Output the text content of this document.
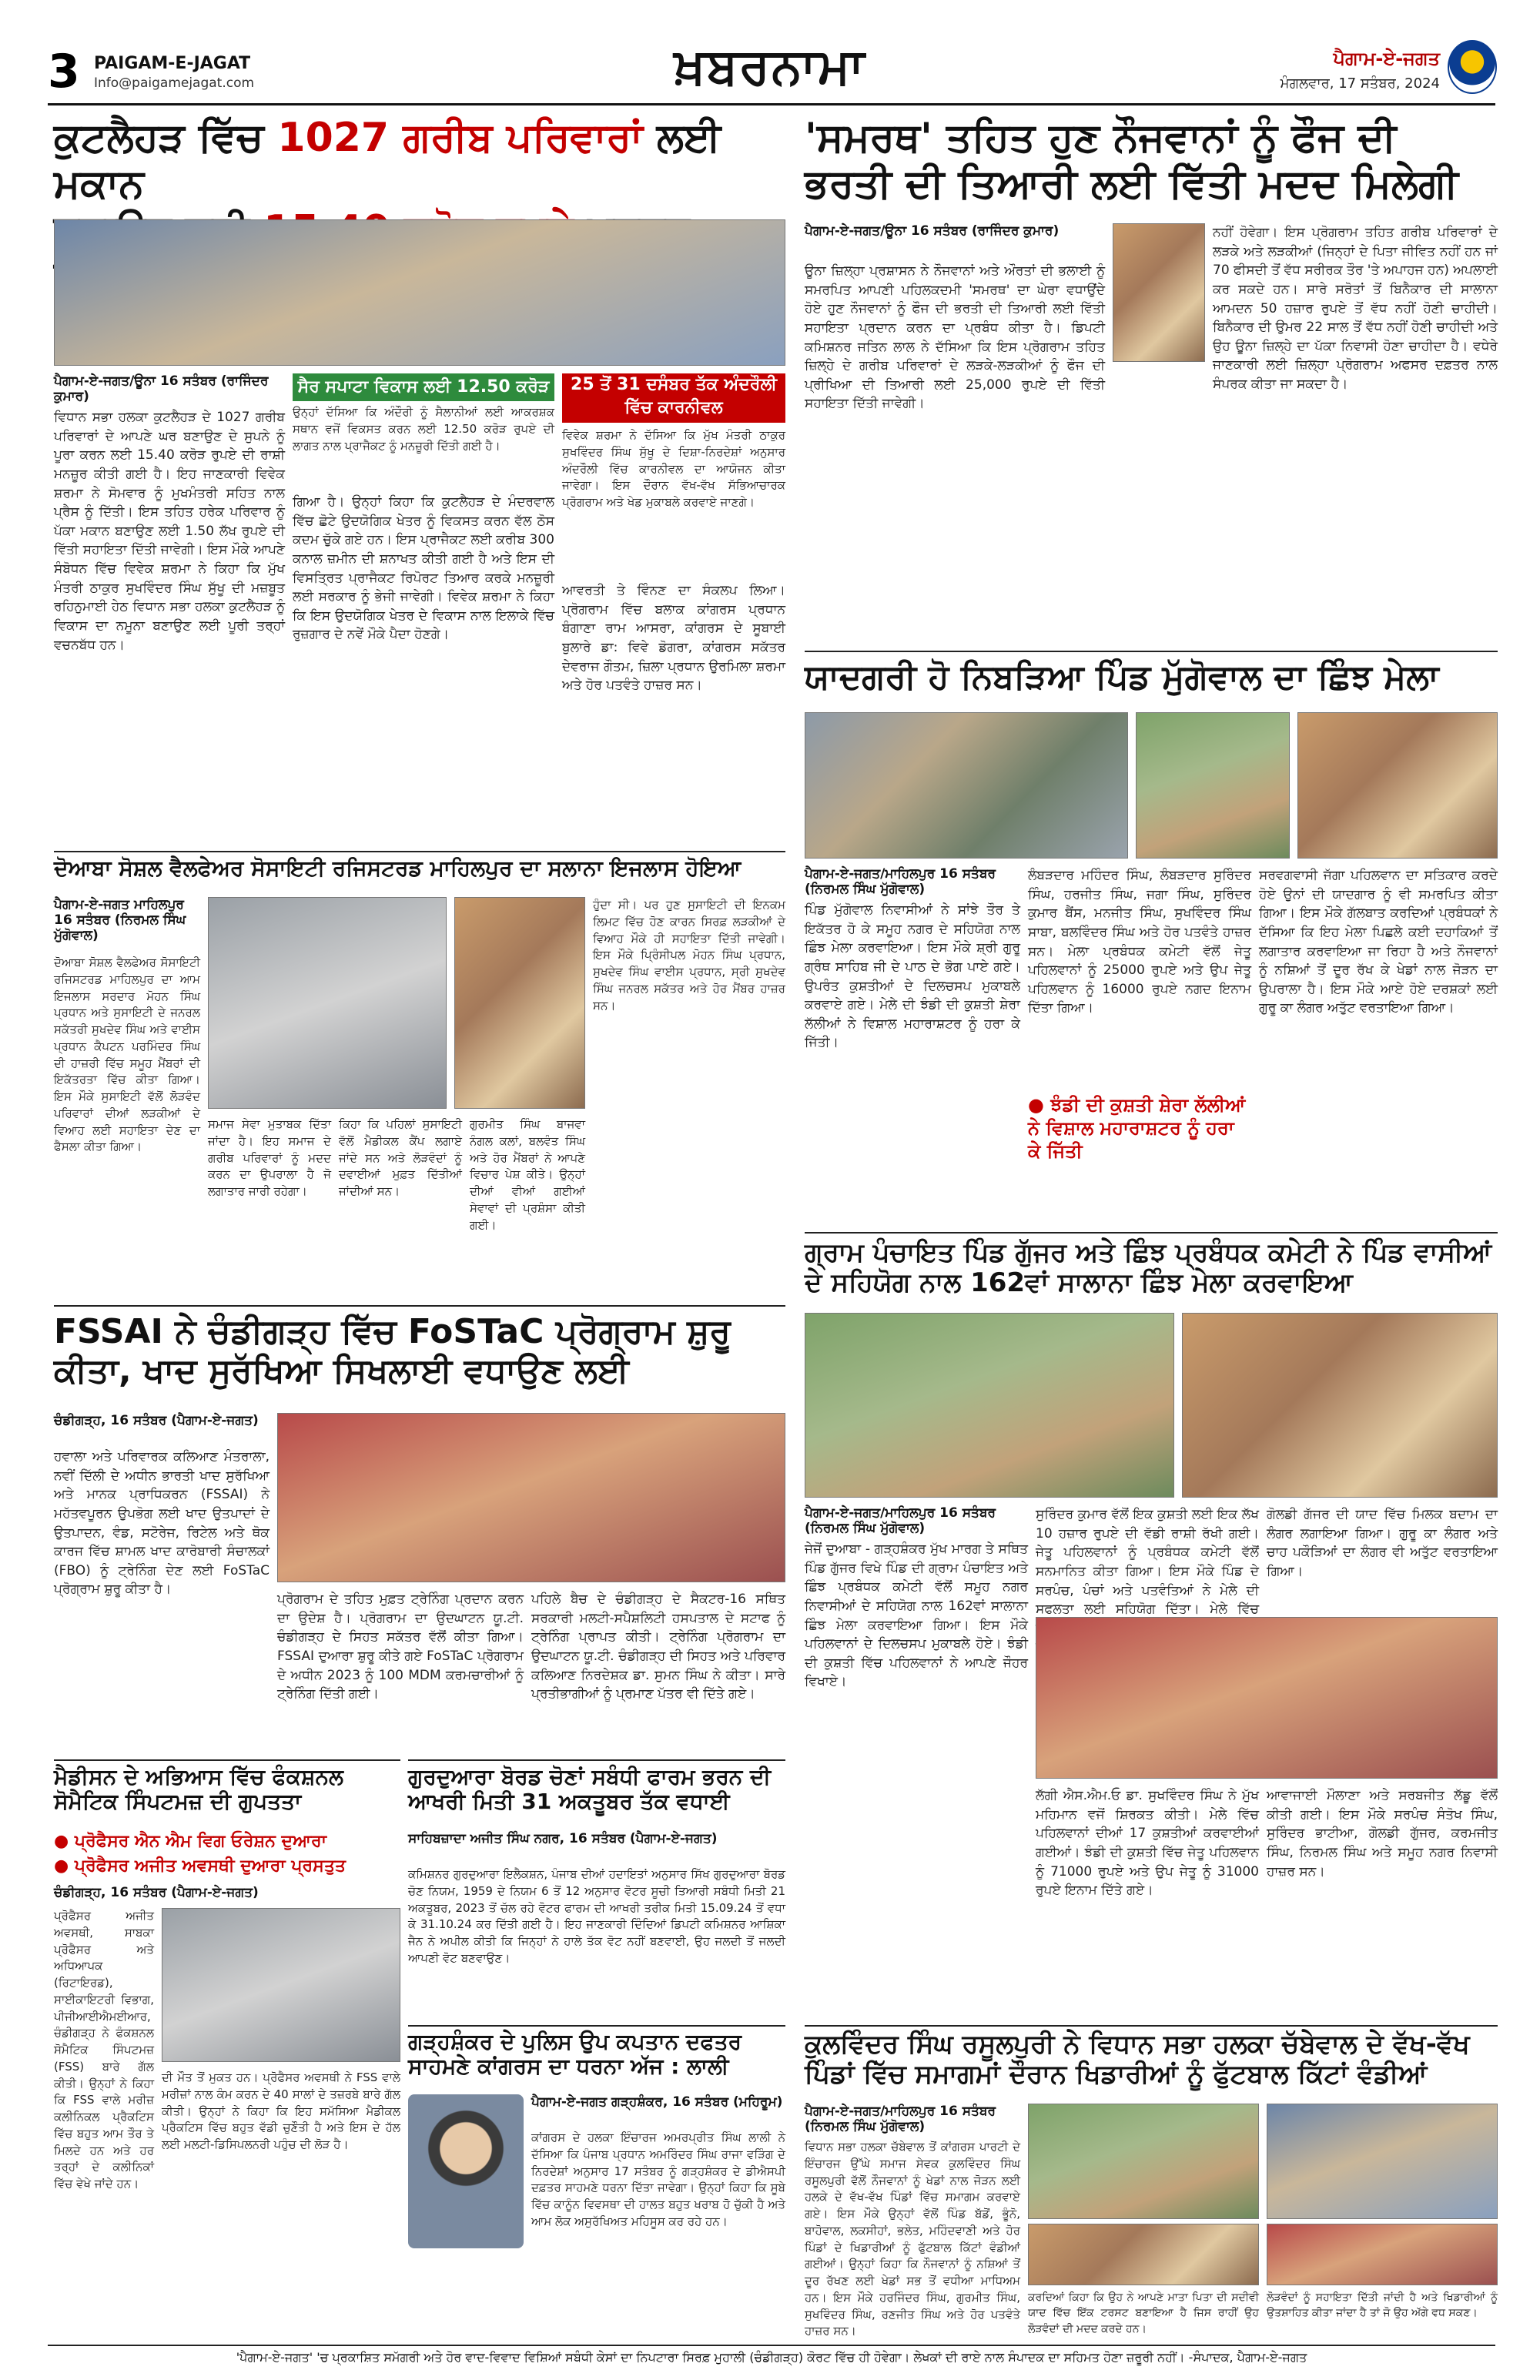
3 PAIGAM-E-JAGAT
Info@paigamejagat.com	ਖ਼ਬਰਨਾਮਾ	ਪੈਗਾਮ-ਏ-ਜਗਤ
ਮੰਗਲਵਾਰ, 17 ਸਤੰਬਰ, 2024
ਕੁਟਲੈਹੜ ਵਿੱਚ 1027 ਗਰੀਬ ਪਰਿਵਾਰਾਂ ਲਈ ਮਕਾਨ

ਪੈਗਾਮ-ਏ-ਜਗਤ/ਊਨਾ 16 ਸਤੰਬਰ (ਰਾਜਿੰਦਰ ਕੁਮਾਰ)
ਵਿਧਾਨ ਸਭਾ ਹਲਕਾ ਕੁਟਲੈਹੜ ਦੇ 1027 ਗਰੀਬ ਪਰਿਵਾਰਾਂ ਦੇ ਆਪਣੇ ਘਰ ਬਣਾਉਣ ਦੇ ਸੁਪਨੇ ਨੂੰ ਪੂਰਾ ਕਰਨ ਲਈ 15.40 ਕਰੋੜ ਰੁਪਏ ਦੀ ਰਾਸ਼ੀ ਮਨਜ਼ੂਰ ਕੀਤੀ ਗਈ ਹੈ। ਇਹ ਜਾਣਕਾਰੀ ਵਿਵੇਕ ਸ਼ਰਮਾ ਨੇ ਸੋਮਵਾਰ ਨੂੰ ਮੁਖਮੰਤਰੀ ਸਹਿਤ ਨਾਲ ਪ੍ਰੈਸ ਨੂੰ ਦਿੱਤੀ। ਇਸ ਤਹਿਤ ਹਰੇਕ ਪਰਿਵਾਰ ਨੂੰ ਪੱਕਾ ਮਕਾਨ ਬਣਾਉਣ ਲਈ 1.50 ਲੱਖ ਰੁਪਏ ਦੀ ਵਿੱਤੀ ਸਹਾਇਤਾ ਦਿੱਤੀ ਜਾਵੇਗੀ। ਇਸ ਮੌਕੇ ਆਪਣੇ ਸੰਬੋਧਨ ਵਿੱਚ ਵਿਵੇਕ ਸ਼ਰਮਾ ਨੇ ਕਿਹਾ ਕਿ ਮੁੱਖ ਮੰਤਰੀ ਠਾਕੁਰ ਸੁਖਵਿੰਦਰ ਸਿੰਘ ਸੁੱਖੂ ਦੀ ਮਜ਼ਬੂਤ ਰਹਿਨੁਮਾਈ ਹੇਠ ਵਿਧਾਨ ਸਭਾ ਹਲਕਾ ਕੁਟਲੈਹੜ ਨੂੰ ਵਿਕਾਸ ਦਾ ਨਮੂਨਾ ਬਣਾਉਣ ਲਈ ਪੂਰੀ ਤਰ੍ਹਾਂ ਵਚਨਬੱਧ ਹਨ।
ਸੈਰ ਸਪਾਟਾ ਵਿਕਾਸ ਲਈ 12.50 ਕਰੋੜ
ਉਨ੍ਹਾਂ ਦੱਸਿਆ ਕਿ ਅੰਦੌਰੀ ਨੂੰ ਸੈਲਾਨੀਆਂ ਲਈ ਆਕਰਸ਼ਕ ਸਥਾਨ ਵਜੋਂ ਵਿਕਸਤ ਕਰਨ ਲਈ 12.50 ਕਰੋੜ ਰੁਪਏ ਦੀ ਲਾਗਤ ਨਾਲ ਪ੍ਰਾਜੈਕਟ ਨੂੰ ਮਨਜ਼ੂਰੀ ਦਿੱਤੀ ਗਈ ਹੈ।
25 ਤੋਂ 31 ਦਸੰਬਰ ਤੱਕ ਅੰਦਰੌਲੀ ਵਿੱਚ ਕਾਰਨੀਵਲ
ਵਿਵੇਕ ਸ਼ਰਮਾ ਨੇ ਦੱਸਿਆ ਕਿ ਮੁੱਖ ਮੰਤਰੀ ਠਾਕੁਰ ਸੁਖਵਿੰਦਰ ਸਿੰਘ ਸੁੱਖੂ ਦੇ ਦਿਸ਼ਾ-ਨਿਰਦੇਸ਼ਾਂ ਅਨੁਸਾਰ ਅੰਦਰੌਲੀ ਵਿੱਚ ਕਾਰਨੀਵਲ ਦਾ ਆਯੋਜਨ ਕੀਤਾ ਜਾਵੇਗਾ। ਇਸ ਦੌਰਾਨ ਵੱਖ-ਵੱਖ ਸੱਭਿਆਚਾਰਕ ਪ੍ਰੋਗਰਾਮ ਅਤੇ ਖੇਡ ਮੁਕਾਬਲੇ ਕਰਵਾਏ ਜਾਣਗੇ।
ਗਿਆ ਹੈ। ਉਨ੍ਹਾਂ ਕਿਹਾ ਕਿ ਕੁਟਲੈਹੜ ਦੇ ਮੰਦਰਵਾਲ ਵਿੱਚ ਛੋਟੇ ਉਦਯੋਗਿਕ ਖੇਤਰ ਨੂੰ ਵਿਕਸਤ ਕਰਨ ਵੱਲ ਠੋਸ ਕਦਮ ਚੁੱਕੇ ਗਏ ਹਨ। ਇਸ ਪ੍ਰਾਜੈਕਟ ਲਈ ਕਰੀਬ 300 ਕਨਾਲ ਜ਼ਮੀਨ ਦੀ ਸ਼ਨਾਖਤ ਕੀਤੀ ਗਈ ਹੈ ਅਤੇ ਇਸ ਦੀ ਵਿਸਤ੍ਰਿਤ ਪ੍ਰਾਜੈਕਟ ਰਿਪੋਰਟ ਤਿਆਰ ਕਰਕੇ ਮਨਜ਼ੂਰੀ ਲਈ ਸਰਕਾਰ ਨੂੰ ਭੇਜੀ ਜਾਵੇਗੀ। ਵਿਵੇਕ ਸ਼ਰਮਾ ਨੇ ਕਿਹਾ ਕਿ ਇਸ ਉਦਯੋਗਿਕ ਖੇਤਰ ਦੇ ਵਿਕਾਸ ਨਾਲ ਇਲਾਕੇ ਵਿੱਚ ਰੁਜ਼ਗਾਰ ਦੇ ਨਵੇਂ ਮੌਕੇ ਪੈਦਾ ਹੋਣਗੇ।
ਆਵਰਤੀ ਤੇ ਵਿੰਨਣ ਦਾ ਸੰਕਲਪ ਲਿਆ। ਪ੍ਰੋਗਰਾਮ ਵਿੱਚ ਬਲਾਕ ਕਾਂਗਰਸ ਪ੍ਰਧਾਨ ਬੰਗਾਣਾ ਰਾਮ ਆਸਰਾ, ਕਾਂਗਰਸ ਦੇ ਸੂਬਾਈ ਬੁਲਾਰੇ ਡਾ: ਵਿਵੇ ਡੋਗਰਾ, ਕਾਂਗਰਸ ਸਕੱਤਰ ਦੇਵਰਾਜ ਗੌਤਮ, ਜ਼ਿਲਾ ਪ੍ਰਧਾਨ ਉਰਮਿਲਾ ਸ਼ਰਮਾ ਅਤੇ ਹੋਰ ਪਤਵੰਤੇ ਹਾਜ਼ਰ ਸਨ।
'ਸਮਰਥ' ਤਹਿਤ ਹੁਣ ਨੌਜਵਾਨਾਂ ਨੂੰ ਫੌਜ ਦੀ
ਭਰਤੀ ਦੀ ਤਿਆਰੀ ਲਈ ਵਿੱਤੀ ਮਦਦ ਮਿਲੇਗੀ
ਪੈਗਾਮ-ਏ-ਜਗਤ/ਊਨਾ 16 ਸਤੰਬਰ (ਰਾਜਿੰਦਰ ਕੁਮਾਰ)
ਊਨਾ ਜ਼ਿਲ੍ਹਾ ਪ੍ਰਸ਼ਾਸਨ ਨੇ ਨੌਜਵਾਨਾਂ ਅਤੇ ਔਰਤਾਂ ਦੀ ਭਲਾਈ ਨੂੰ ਸਮਰਪਿਤ ਆਪਣੀ ਪਹਿਲਕਦਮੀ 'ਸਮਰਥ' ਦਾ ਘੇਰਾ ਵਧਾਉਂਦੇ ਹੋਏ ਹੁਣ ਨੌਜਵਾਨਾਂ ਨੂੰ ਫੌਜ ਦੀ ਭਰਤੀ ਦੀ ਤਿਆਰੀ ਲਈ ਵਿੱਤੀ ਸਹਾਇਤਾ ਪ੍ਰਦਾਨ ਕਰਨ ਦਾ ਪ੍ਰਬੰਧ ਕੀਤਾ ਹੈ। ਡਿਪਟੀ ਕਮਿਸ਼ਨਰ ਜਤਿਨ ਲਾਲ ਨੇ ਦੱਸਿਆ ਕਿ ਇਸ ਪ੍ਰੋਗਰਾਮ ਤਹਿਤ ਜ਼ਿਲ੍ਹੇ ਦੇ ਗਰੀਬ ਪਰਿਵਾਰਾਂ ਦੇ ਲੜਕੇ-ਲੜਕੀਆਂ ਨੂੰ ਫੌਜ ਦੀ ਪ੍ਰੀਖਿਆ ਦੀ ਤਿਆਰੀ ਲਈ 25,000 ਰੁਪਏ ਦੀ ਵਿੱਤੀ ਸਹਾਇਤਾ ਦਿੱਤੀ ਜਾਵੇਗੀ।
ਨਹੀਂ ਹੋਵੇਗਾ। ਇਸ ਪ੍ਰੋਗਰਾਮ ਤਹਿਤ ਗਰੀਬ ਪਰਿਵਾਰਾਂ ਦੇ ਲੜਕੇ ਅਤੇ ਲੜਕੀਆਂ (ਜਿਨ੍ਹਾਂ ਦੇ ਪਿਤਾ ਜੀਵਿਤ ਨਹੀਂ ਹਨ ਜਾਂ 70 ਫੀਸਦੀ ਤੋਂ ਵੱਧ ਸਰੀਰਕ ਤੌਰ 'ਤੇ ਅਪਾਹਜ ਹਨ) ਅਪਲਾਈ ਕਰ ਸਕਦੇ ਹਨ। ਸਾਰੇ ਸਰੋਤਾਂ ਤੋਂ ਬਿਨੈਕਾਰ ਦੀ ਸਾਲਾਨਾ ਆਮਦਨ 50 ਹਜ਼ਾਰ ਰੁਪਏ ਤੋਂ ਵੱਧ ਨਹੀਂ ਹੋਣੀ ਚਾਹੀਦੀ। ਬਿਨੈਕਾਰ ਦੀ ਉਮਰ 22 ਸਾਲ ਤੋਂ ਵੱਧ ਨਹੀਂ ਹੋਣੀ ਚਾਹੀਦੀ ਅਤੇ ਉਹ ਊਨਾ ਜ਼ਿਲ੍ਹੇ ਦਾ ਪੱਕਾ ਨਿਵਾਸੀ ਹੋਣਾ ਚਾਹੀਦਾ ਹੈ। ਵਧੇਰੇ ਜਾਣਕਾਰੀ ਲਈ ਜ਼ਿਲ੍ਹਾ ਪ੍ਰੋਗਰਾਮ ਅਫਸਰ ਦਫ਼ਤਰ ਨਾਲ ਸੰਪਰਕ ਕੀਤਾ ਜਾ ਸਕਦਾ ਹੈ।
ਯਾਦਗਰੀ ਹੋ ਨਿਬੜਿਆ ਪਿੰਡ ਮੁੱਗੋਵਾਲ ਦਾ ਛਿੰਝ ਮੇਲਾ
ਪੈਗਾਮ-ਏ-ਜਗਤ/ਮਾਹਿਲਪੁਰ 16 ਸਤੰਬਰ (ਨਿਰਮਲ ਸਿੰਘ ਮੁੱਗੋਵਾਲ)
ਪਿੰਡ ਮੁੱਗੋਵਾਲ ਨਿਵਾਸੀਆਂ ਨੇ ਸਾਂਝੇ ਤੌਰ ਤੇ ਇਕੱਤਰ ਹੋ ਕੇ ਸਮੂਹ ਨਗਰ ਦੇ ਸਹਿਯੋਗ ਨਾਲ ਛਿੰਝ ਮੇਲਾ ਕਰਵਾਇਆ। ਇਸ ਮੌਕੇ ਸ਼੍ਰੀ ਗੁਰੂ ਗ੍ਰੰਥ ਸਾਹਿਬ ਜੀ ਦੇ ਪਾਠ ਦੇ ਭੋਗ ਪਾਏ ਗਏ। ਉਪਰੰਤ ਕੁਸ਼ਤੀਆਂ ਦੇ ਦਿਲਚਸਪ ਮੁਕਾਬਲੇ ਕਰਵਾਏ ਗਏ। ਮੇਲੇ ਦੀ ਝੰਡੀ ਦੀ ਕੁਸ਼ਤੀ ਸ਼ੇਰਾ ਲੱਲੀਆਂ ਨੇ ਵਿਸ਼ਾਲ ਮਹਾਰਾਸ਼ਟਰ ਨੂੰ ਹਰਾ ਕੇ ਜਿੱਤੀ।
ਲੰਬੜਦਾਰ ਮਹਿੰਦਰ ਸਿੰਘ, ਲੰਬੜਦਾਰ ਸੁਰਿੰਦਰ ਸਿੰਘ, ਹਰਜੀਤ ਸਿੰਘ, ਜਗਾ ਸਿੰਘ, ਸੁਰਿੰਦਰ ਕੁਮਾਰ ਬੈਂਸ, ਮਨਜੀਤ ਸਿੰਘ, ਸੁਖਵਿੰਦਰ ਸਿੰਘ ਸਾਬਾ, ਬਲਵਿੰਦਰ ਸਿੰਘ ਅਤੇ ਹੋਰ ਪਤਵੰਤੇ ਹਾਜ਼ਰ ਸਨ। ਮੇਲਾ ਪ੍ਰਬੰਧਕ ਕਮੇਟੀ ਵੱਲੋਂ ਜੇਤੂ ਪਹਿਲਵਾਨਾਂ ਨੂੰ 25000 ਰੁਪਏ ਅਤੇ ਉਪ ਜੇਤੂ ਪਹਿਲਵਾਨ ਨੂੰ 16000 ਰੁਪਏ ਨਗਦ ਇਨਾਮ ਦਿੱਤਾ ਗਿਆ।
ਸਰਵਗਵਾਸੀ ਜੱਗਾ ਪਹਿਲਵਾਨ ਦਾ ਸਤਿਕਾਰ ਕਰਦੇ ਹੋਏ ਉਨਾਂ ਦੀ ਯਾਦਗਾਰ ਨੂੰ ਵੀ ਸਮਰਪਿਤ ਕੀਤਾ ਗਿਆ। ਇਸ ਮੌਕੇ ਗੱਲਬਾਤ ਕਰਦਿਆਂ ਪ੍ਰਬੰਧਕਾਂ ਨੇ ਦੱਸਿਆ ਕਿ ਇਹ ਮੇਲਾ ਪਿਛਲੇ ਕਈ ਦਹਾਕਿਆਂ ਤੋਂ ਲਗਾਤਾਰ ਕਰਵਾਇਆ ਜਾ ਰਿਹਾ ਹੈ ਅਤੇ ਨੌਜਵਾਨਾਂ ਨੂੰ ਨਸ਼ਿਆਂ ਤੋਂ ਦੂਰ ਰੱਖ ਕੇ ਖੇਡਾਂ ਨਾਲ ਜੋੜਨ ਦਾ ਉਪਰਾਲਾ ਹੈ। ਇਸ ਮੌਕੇ ਆਏ ਹੋਏ ਦਰਸ਼ਕਾਂ ਲਈ ਗੁਰੂ ਕਾ ਲੰਗਰ ਅਤੁੱਟ ਵਰਤਾਇਆ ਗਿਆ।
● ਝੰਡੀ ਦੀ ਕੁਸ਼ਤੀ ਸ਼ੇਰਾ ਲੱਲੀਆਂ ਨੇ ਵਿਸ਼ਾਲ ਮਹਾਰਾਸ਼ਟਰ ਨੂੰ ਹਰਾ ਕੇ ਜਿੱਤੀ
ਦੋਆਬਾ ਸੋਸ਼ਲ ਵੈਲਫੇਅਰ ਸੋਸਾਇਟੀ ਰਜਿਸਟਰਡ ਮਾਹਿਲਪੁਰ ਦਾ ਸਲਾਨਾ ਇਜਲਾਸ ਹੋਇਆ
ਪੈਗਾਮ-ਏ-ਜਗਤ ਮਾਹਿਲਪੁਰ 16 ਸਤੰਬਰ (ਨਿਰਮਲ ਸਿੰਘ ਮੁੱਗੋਵਾਲ)
ਦੋਆਬਾ ਸੋਸ਼ਲ ਵੈਲਫੇਅਰ ਸੋਸਾਇਟੀ ਰਜਿਸਟਰਡ ਮਾਹਿਲਪੁਰ ਦਾ ਆਮ ਇਜਲਾਸ ਸਰਦਾਰ ਮੋਹਨ ਸਿੰਘ ਪ੍ਰਧਾਨ ਅਤੇ ਸੁਸਾਇਟੀ ਦੇ ਜਨਰਲ ਸਕੱਤਰੀ ਸੁਖਦੇਵ ਸਿੰਘ ਅਤੇ ਵਾਈਸ ਪ੍ਰਧਾਨ ਕੈਪਟਨ ਪਰਮਿੰਦਰ ਸਿੰਘ ਦੀ ਹਾਜ਼ਰੀ ਵਿੱਚ ਸਮੂਹ ਮੈਂਬਰਾਂ ਦੀ ਇਕੱਤਰਤਾ ਵਿੱਚ ਕੀਤਾ ਗਿਆ। ਇਸ ਮੌਕੇ ਸੁਸਾਇਟੀ ਵੱਲੋਂ ਲੋੜਵੰਦ ਪਰਿਵਾਰਾਂ ਦੀਆਂ ਲੜਕੀਆਂ ਦੇ ਵਿਆਹ ਲਈ ਸਹਾਇਤਾ ਦੇਣ ਦਾ ਫੈਸਲਾ ਕੀਤਾ ਗਿਆ।
ਹੁੰਦਾ ਸੀ। ਪਰ ਹੁਣ ਸੁਸਾਇਟੀ ਦੀ ਇਨਕਮ ਲਿਮਟ ਵਿੱਚ ਹੋਣ ਕਾਰਨ ਸਿਰਫ਼ ਲੜਕੀਆਂ ਦੇ ਵਿਆਹ ਮੌਕੇ ਹੀ ਸਹਾਇਤਾ ਦਿੱਤੀ ਜਾਵੇਗੀ। ਇਸ ਮੌਕੇ ਪ੍ਰਿੰਸੀਪਲ ਮੋਹਨ ਸਿੰਘ ਪ੍ਰਧਾਨ, ਸੁਖਦੇਵ ਸਿੰਘ ਵਾਈਸ ਪ੍ਰਧਾਨ, ਸ੍ਰੀ ਸੁਖਦੇਵ ਸਿੰਘ ਜਨਰਲ ਸਕੱਤਰ ਅਤੇ ਹੋਰ ਮੈਂਬਰ ਹਾਜ਼ਰ ਸਨ।
ਸਮਾਜ ਸੇਵਾ ਮੁਤਾਬਕ ਦਿੱਤਾ ਜਾਂਦਾ ਹੈ। ਇਹ ਸਮਾਜ ਦੇ ਗਰੀਬ ਪਰਿਵਾਰਾਂ ਨੂੰ ਮਦਦ ਕਰਨ ਦਾ ਉਪਰਾਲਾ ਹੈ ਜੋ ਲਗਾਤਾਰ ਜਾਰੀ ਰਹੇਗਾ।
ਕਿਹਾ ਕਿ ਪਹਿਲਾਂ ਸੁਸਾਇਟੀ ਵੱਲੋਂ ਮੈਡੀਕਲ ਕੈਂਪ ਲਗਾਏ ਜਾਂਦੇ ਸਨ ਅਤੇ ਲੋੜਵੰਦਾਂ ਨੂੰ ਦਵਾਈਆਂ ਮੁਫ਼ਤ ਦਿੱਤੀਆਂ ਜਾਂਦੀਆਂ ਸਨ।
ਗੁਰਮੀਤ ਸਿੰਘ ਬਾਜਵਾ ਨੰਗਲ ਕਲਾਂ, ਬਲਵੰਤ ਸਿੰਘ ਅਤੇ ਹੋਰ ਮੈਂਬਰਾਂ ਨੇ ਆਪਣੇ ਵਿਚਾਰ ਪੇਸ਼ ਕੀਤੇ। ਉਨ੍ਹਾਂ ਦੀਆਂ ਵੀਆਂ ਗਈਆਂ ਸੇਵਾਵਾਂ ਦੀ ਪ੍ਰਸ਼ੰਸਾ ਕੀਤੀ ਗਈ।
ਗ੍ਰਾਮ ਪੰਚਾਇਤ ਪਿੰਡ ਗੁੱਜਰ ਅਤੇ ਛਿੰਝ ਪ੍ਰਬੰਧਕ ਕਮੇਟੀ ਨੇ ਪਿੰਡ ਵਾਸੀਆਂ ਦੇ ਸਹਿਯੋਗ ਨਾਲ 162ਵਾਂ ਸਾਲਾਨਾ ਛਿੰਝ ਮੇਲਾ ਕਰਵਾਇਆ
ਪੈਗਾਮ-ਏ-ਜਗਤ/ਮਾਹਿਲਪੁਰ 16 ਸਤੰਬਰ (ਨਿਰਮਲ ਸਿੰਘ ਮੁੱਗੋਵਾਲ)
ਜੇਜੋਂ ਦੁਆਬਾ - ਗੜ੍ਹਸ਼ੰਕਰ ਮੁੱਖ ਮਾਰਗ ਤੇ ਸਥਿਤ ਪਿੰਡ ਗੁੱਜਰ ਵਿਖੇ ਪਿੰਡ ਦੀ ਗ੍ਰਾਮ ਪੰਚਾਇਤ ਅਤੇ ਛਿੰਝ ਪ੍ਰਬੰਧਕ ਕਮੇਟੀ ਵੱਲੋਂ ਸਮੂਹ ਨਗਰ ਨਿਵਾਸੀਆਂ ਦੇ ਸਹਿਯੋਗ ਨਾਲ 162ਵਾਂ ਸਾਲਾਨਾ ਛਿੰਝ ਮੇਲਾ ਕਰਵਾਇਆ ਗਿਆ। ਇਸ ਮੌਕੇ ਪਹਿਲਵਾਨਾਂ ਦੇ ਦਿਲਚਸਪ ਮੁਕਾਬਲੇ ਹੋਏ। ਝੰਡੀ ਦੀ ਕੁਸ਼ਤੀ ਵਿੱਚ ਪਹਿਲਵਾਨਾਂ ਨੇ ਆਪਣੇ ਜੌਹਰ ਵਿਖਾਏ।
ਸੁਰਿੰਦਰ ਕੁਮਾਰ ਵੱਲੋਂ ਇਕ ਕੁਸ਼ਤੀ ਲਈ ਇਕ ਲੱਖ 10 ਹਜ਼ਾਰ ਰੁਪਏ ਦੀ ਵੱਡੀ ਰਾਸ਼ੀ ਰੱਖੀ ਗਈ। ਜੇਤੂ ਪਹਿਲਵਾਨਾਂ ਨੂੰ ਪ੍ਰਬੰਧਕ ਕਮੇਟੀ ਵੱਲੋਂ ਸਨਮਾਨਿਤ ਕੀਤਾ ਗਿਆ। ਇਸ ਮੌਕੇ ਪਿੰਡ ਦੇ ਸਰਪੰਚ, ਪੰਚਾਂ ਅਤੇ ਪਤਵੰਤਿਆਂ ਨੇ ਮੇਲੇ ਦੀ ਸਫਲਤਾ ਲਈ ਸਹਿਯੋਗ ਦਿੱਤਾ। ਮੇਲੇ ਵਿੱਚ
ਗੋਲਡੀ ਗੱਜਰ ਦੀ ਯਾਦ ਵਿੱਚ ਮਿਲਕ ਬਦਾਮ ਦਾ ਲੰਗਰ ਲਗਾਇਆ ਗਿਆ। ਗੁਰੂ ਕਾ ਲੰਗਰ ਅਤੇ ਚਾਹ ਪਕੌੜਿਆਂ ਦਾ ਲੰਗਰ ਵੀ ਅਤੁੱਟ ਵਰਤਾਇਆ ਗਿਆ।
ਲੱਗੀ ਐਸ.ਐਮ.ਓ ਡਾ. ਸੁਖਵਿੰਦਰ ਸਿੰਘ ਨੇ ਮੁੱਖ ਮਹਿਮਾਨ ਵਜੋਂ ਸ਼ਿਰਕਤ ਕੀਤੀ। ਮੇਲੇ ਵਿੱਚ ਪਹਿਲਵਾਨਾਂ ਦੀਆਂ 17 ਕੁਸ਼ਤੀਆਂ ਕਰਵਾਈਆਂ ਗਈਆਂ। ਝੰਡੀ ਦੀ ਕੁਸ਼ਤੀ ਵਿੱਚ ਜੇਤੂ ਪਹਿਲਵਾਨ ਨੂੰ 71000 ਰੁਪਏ ਅਤੇ ਉਪ ਜੇਤੂ ਨੂੰ 31000 ਰੁਪਏ ਇਨਾਮ ਦਿੱਤੇ ਗਏ।
ਆਵਾਜਾਈ ਮੌਲਾਣਾ ਅਤੇ ਸਰਬਜੀਤ ਲੱਡੂ ਵੱਲੋਂ ਕੀਤੀ ਗਈ। ਇਸ ਮੌਕੇ ਸਰਪੰਚ ਸੰਤੋਖ ਸਿੰਘ, ਸੁਰਿੰਦਰ ਭਾਟੀਆ, ਗੋਲਡੀ ਗੁੱਜਰ, ਕਰਮਜੀਤ ਸਿੰਘ, ਨਿਰਮਲ ਸਿੰਘ ਅਤੇ ਸਮੂਹ ਨਗਰ ਨਿਵਾਸੀ ਹਾਜ਼ਰ ਸਨ।
FSSAI ਨੇ ਚੰਡੀਗੜ੍ਹ ਵਿੱਚ FoSTaC ਪ੍ਰੋਗ੍ਰਾਮ ਸ਼ੁਰੂ
ਕੀਤਾ, ਖਾਦ ਸੁਰੱਖਿਆ ਸਿਖਲਾਈ ਵਧਾਉਣ ਲਈ
ਚੰਡੀਗੜ੍ਹ, 16 ਸਤੰਬਰ (ਪੈਗਾਮ-ਏ-ਜਗਤ)
ਹਵਾਲਾ ਅਤੇ ਪਰਿਵਾਰਕ ਕਲਿਆਣ ਮੰਤਰਾਲਾ, ਨਵੀਂ ਦਿੱਲੀ ਦੇ ਅਧੀਨ ਭਾਰਤੀ ਖਾਦ ਸੁਰੱਖਿਆ ਅਤੇ ਮਾਨਕ ਪ੍ਰਾਧਿਕਰਨ (FSSAI) ਨੇ ਮਹੱਤਵਪੂਰਨ ਉਪਭੋਗ ਲਈ ਖਾਦ ਉਤਪਾਦਾਂ ਦੇ ਉਤਪਾਦਨ, ਵੰਡ, ਸਟੋਰੇਜ, ਰਿਟੇਲ ਅਤੇ ਥੋਕ ਕਾਰਜ ਵਿੱਚ ਸ਼ਾਮਲ ਖਾਦ ਕਾਰੋਬਾਰੀ ਸੰਚਾਲਕਾਂ (FBO) ਨੂੰ ਟ੍ਰੇਨਿੰਗ ਦੇਣ ਲਈ FoSTaC ਪ੍ਰੋਗ੍ਰਾਮ ਸ਼ੁਰੂ ਕੀਤਾ ਹੈ।
ਪ੍ਰੋਗਰਾਮ ਦੇ ਤਹਿਤ ਮੁਫ਼ਤ ਟ੍ਰੇਨਿੰਗ ਪ੍ਰਦਾਨ ਕਰਨ ਦਾ ਉਦੇਸ਼ ਹੈ। ਪ੍ਰੋਗਰਾਮ ਦਾ ਉਦਘਾਟਨ ਯੂ.ਟੀ. ਚੰਡੀਗੜ੍ਹ ਦੇ ਸਿਹਤ ਸਕੱਤਰ ਵੱਲੋਂ ਕੀਤਾ ਗਿਆ। FSSAI ਦੁਆਰਾ ਸ਼ੁਰੂ ਕੀਤੇ ਗਏ FoSTaC ਪ੍ਰੋਗਰਾਮ ਦੇ ਅਧੀਨ 2023 ਨੂੰ 100 MDM ਕਰਮਚਾਰੀਆਂ ਨੂੰ ਟ੍ਰੇਨਿੰਗ ਦਿੱਤੀ ਗਈ।
ਪਹਿਲੇ ਬੈਚ ਦੇ ਚੰਡੀਗੜ੍ਹ ਦੇ ਸੈਕਟਰ-16 ਸਥਿਤ ਸਰਕਾਰੀ ਮਲਟੀ-ਸਪੈਸ਼ਲਿਟੀ ਹਸਪਤਾਲ ਦੇ ਸਟਾਫ ਨੂੰ ਟ੍ਰੇਨਿੰਗ ਪ੍ਰਾਪਤ ਕੀਤੀ। ਟ੍ਰੇਨਿੰਗ ਪ੍ਰੋਗਰਾਮ ਦਾ ਉਦਘਾਟਨ ਯੂ.ਟੀ. ਚੰਡੀਗੜ੍ਹ ਦੀ ਸਿਹਤ ਅਤੇ ਪਰਿਵਾਰ ਕਲਿਆਣ ਨਿਰਦੇਸ਼ਕ ਡਾ. ਸੁਮਨ ਸਿੰਘ ਨੇ ਕੀਤਾ। ਸਾਰੇ ਪ੍ਰਤੀਭਾਗੀਆਂ ਨੂੰ ਪ੍ਰਮਾਣ ਪੱਤਰ ਵੀ ਦਿੱਤੇ ਗਏ।
ਮੈਡੀਸਨ ਦੇ ਅਭਿਆਸ ਵਿੱਚ ਫੰਕਸ਼ਨਲ ਸੋਮੈਟਿਕ ਸਿੰਪਟਮਜ਼ ਦੀ ਗੁਪਤਤਾ
● ਪ੍ਰੋਫੈਸਰ ਐਨ ਐਮ ਵਿਗ ਓਰੇਸ਼ਨ ਦੁਆਰਾ
● ਪ੍ਰੋਫੈਸਰ ਅਜੀਤ ਅਵਸਥੀ ਦੁਆਰਾ ਪ੍ਰਸਤੁਤ
ਚੰਡੀਗੜ੍ਹ, 16 ਸਤੰਬਰ (ਪੈਗਾਮ-ਏ-ਜਗਤ)
ਪ੍ਰੋਫੈਸਰ ਅਜੀਤ ਅਵਸਥੀ, ਸਾਬਕਾ ਪ੍ਰੋਫੈਸਰ ਅਤੇ ਅਧਿਆਪਕ (ਰਿਟਾਇਰਡ), ਸਾਈਕਾਇਟਰੀ ਵਿਭਾਗ, ਪੀਜੀਆਈਐਮਈਆਰ, ਚੰਡੀਗੜ੍ਹ ਨੇ ਫੰਕਸ਼ਨਲ ਸੋਮੈਟਿਕ ਸਿੰਪਟਮਜ਼ (FSS) ਬਾਰੇ ਗੱਲ ਕੀਤੀ। ਉਨ੍ਹਾਂ ਨੇ ਕਿਹਾ ਕਿ FSS ਵਾਲੇ ਮਰੀਜ਼ ਕਲੀਨਿਕਲ ਪ੍ਰੈਕਟਿਸ ਵਿੱਚ ਬਹੁਤ ਆਮ ਤੌਰ ਤੇ ਮਿਲਦੇ ਹਨ ਅਤੇ ਹਰ ਤਰ੍ਹਾਂ ਦੇ ਕਲੀਨਿਕਾਂ ਵਿੱਚ ਵੇਖੇ ਜਾਂਦੇ ਹਨ।
ਦੀ ਮੌਤ ਤੋਂ ਮੁਕਤ ਹਨ। ਪ੍ਰੋਫੈਸਰ ਅਵਸਥੀ ਨੇ FSS ਵਾਲੇ ਮਰੀਜ਼ਾਂ ਨਾਲ ਕੰਮ ਕਰਨ ਦੇ 40 ਸਾਲਾਂ ਦੇ ਤਜ਼ਰਬੇ ਬਾਰੇ ਗੱਲ ਕੀਤੀ। ਉਨ੍ਹਾਂ ਨੇ ਕਿਹਾ ਕਿ ਇਹ ਸਮੱਸਿਆ ਮੈਡੀਕਲ ਪ੍ਰੈਕਟਿਸ ਵਿੱਚ ਬਹੁਤ ਵੱਡੀ ਚੁਣੌਤੀ ਹੈ ਅਤੇ ਇਸ ਦੇ ਹੱਲ ਲਈ ਮਲਟੀ-ਡਿਸਿਪਲਨਰੀ ਪਹੁੰਚ ਦੀ ਲੋੜ ਹੈ।
ਗੁਰਦੁਆਰਾ ਬੋਰਡ ਚੋਣਾਂ ਸਬੰਧੀ ਫਾਰਮ ਭਰਨ ਦੀ ਆਖਰੀ ਮਿਤੀ 31 ਅਕਤੂਬਰ ਤੱਕ ਵਧਾਈ
ਸਾਹਿਬਜ਼ਾਦਾ ਅਜੀਤ ਸਿੰਘ ਨਗਰ, 16 ਸਤੰਬਰ (ਪੈਗਾਮ-ਏ-ਜਗਤ)
ਕਮਿਸ਼ਨਰ ਗੁਰਦੁਆਰਾ ਇਲੈਕਸ਼ਨ, ਪੰਜਾਬ ਦੀਆਂ ਹਦਾਇਤਾਂ ਅਨੁਸਾਰ ਸਿੱਖ ਗੁਰਦੁਆਰਾ ਬੋਰਡ ਚੋਣ ਨਿਯਮ, 1959 ਦੇ ਨਿਯਮ 6 ਤੋਂ 12 ਅਨੁਸਾਰ ਵੋਟਰ ਸੂਚੀ ਤਿਆਰੀ ਸਬੰਧੀ ਮਿਤੀ 21 ਅਕਤੂਬਰ, 2023 ਤੋਂ ਚੱਲ ਰਹੇ ਵੋਟਰ ਫਾਰਮ ਦੀ ਆਖਰੀ ਤਰੀਕ ਮਿਤੀ 15.09.24 ਤੋਂ ਵਧਾ ਕੇ 31.10.24 ਕਰ ਦਿੱਤੀ ਗਈ ਹੈ। ਇਹ ਜਾਣਕਾਰੀ ਦਿੰਦਿਆਂ ਡਿਪਟੀ ਕਮਿਸ਼ਨਰ ਆਸ਼ਿਕਾ ਜੈਨ ਨੇ ਅਪੀਲ ਕੀਤੀ ਕਿ ਜਿਨ੍ਹਾਂ ਨੇ ਹਾਲੇ ਤੱਕ ਵੋਟ ਨਹੀਂ ਬਣਵਾਈ, ਉਹ ਜਲਦੀ ਤੋਂ ਜਲਦੀ ਆਪਣੀ ਵੋਟ ਬਣਵਾਉਣ।
ਗੜ੍ਹਸ਼ੰਕਰ ਦੇ ਪੁਲਿਸ ਉਪ ਕਪਤਾਨ ਦਫਤਰ ਸਾਹਮਣੇ ਕਾਂਗਰਸ ਦਾ ਧਰਨਾ ਅੱਜ : ਲਾਲੀ
ਪੈਗਾਮ-ਏ-ਜਗਤ ਗੜ੍ਹਸ਼ੰਕਰ, 16 ਸਤੰਬਰ (ਮਹਿਰੂਮ)
ਕਾਂਗਰਸ ਦੇ ਹਲਕਾ ਇੰਚਾਰਜ ਅਮਰਪ੍ਰੀਤ ਸਿੰਘ ਲਾਲੀ ਨੇ ਦੱਸਿਆ ਕਿ ਪੰਜਾਬ ਪ੍ਰਧਾਨ ਅਮਰਿੰਦਰ ਸਿੰਘ ਰਾਜਾ ਵੜਿੰਗ ਦੇ ਨਿਰਦੇਸ਼ਾਂ ਅਨੁਸਾਰ 17 ਸਤੰਬਰ ਨੂੰ ਗੜ੍ਹਸ਼ੰਕਰ ਦੇ ਡੀਐਸਪੀ ਦਫ਼ਤਰ ਸਾਹਮਣੇ ਧਰਨਾ ਦਿੱਤਾ ਜਾਵੇਗਾ। ਉਨ੍ਹਾਂ ਕਿਹਾ ਕਿ ਸੂਬੇ ਵਿੱਚ ਕਾਨੂੰਨ ਵਿਵਸਥਾ ਦੀ ਹਾਲਤ ਬਹੁਤ ਖਰਾਬ ਹੋ ਚੁੱਕੀ ਹੈ ਅਤੇ ਆਮ ਲੋਕ ਅਸੁਰੱਖਿਅਤ ਮਹਿਸੂਸ ਕਰ ਰਹੇ ਹਨ।
ਕੁਲਵਿੰਦਰ ਸਿੰਘ ਰਸੂਲਪੁਰੀ ਨੇ ਵਿਧਾਨ ਸਭਾ ਹਲਕਾ ਚੱਬੇਵਾਲ ਦੇ ਵੱਖ-ਵੱਖ ਪਿੰਡਾਂ ਵਿੱਚ ਸਮਾਗਮਾਂ ਦੌਰਾਨ ਖਿਡਾਰੀਆਂ ਨੂੰ ਫੁੱਟਬਾਲ ਕਿੱਟਾਂ ਵੰਡੀਆਂ
ਪੈਗਾਮ-ਏ-ਜਗਤ/ਮਾਹਿਲਪੁਰ 16 ਸਤੰਬਰ (ਨਿਰਮਲ ਸਿੰਘ ਮੁੱਗੋਵਾਲ)
ਵਿਧਾਨ ਸਭਾ ਹਲਕਾ ਚੱਬੇਵਾਲ ਤੋਂ ਕਾਂਗਰਸ ਪਾਰਟੀ ਦੇ ਇੰਚਾਰਜ ਉੱਘੇ ਸਮਾਜ ਸੇਵਕ ਕੁਲਵਿੰਦਰ ਸਿੰਘ ਰਸੂਲਪੁਰੀ ਵੱਲੋਂ ਨੌਜਵਾਨਾਂ ਨੂੰ ਖੇਡਾਂ ਨਾਲ ਜੋੜਨ ਲਈ ਹਲਕੇ ਦੇ ਵੱਖ-ਵੱਖ ਪਿੰਡਾਂ ਵਿੱਚ ਸਮਾਗਮ ਕਰਵਾਏ ਗਏ। ਇਸ ਮੌਕੇ ਉਨ੍ਹਾਂ ਵੱਲੋਂ ਪਿੰਡ ਬੱਡੋਂ, ਭੂੰਨੋ, ਬਾਹੋਵਾਲ, ਲਕਸੀਹਾਂ, ਭਲੇਤ, ਮਹਿੰਦਵਾਣੀ ਅਤੇ ਹੋਰ ਪਿੰਡਾਂ ਦੇ ਖਿਡਾਰੀਆਂ ਨੂੰ ਫੁੱਟਬਾਲ ਕਿੱਟਾਂ ਵੰਡੀਆਂ ਗਈਆਂ। ਉਨ੍ਹਾਂ ਕਿਹਾ ਕਿ ਨੌਜਵਾਨਾਂ ਨੂੰ ਨਸ਼ਿਆਂ ਤੋਂ ਦੂਰ ਰੱਖਣ ਲਈ ਖੇਡਾਂ ਸਭ ਤੋਂ ਵਧੀਆ ਮਾਧਿਅਮ ਹਨ। ਇਸ ਮੌਕੇ ਹਰਜਿੰਦਰ ਸਿੰਘ, ਗੁਰਮੀਤ ਸਿੰਘ, ਸੁਖਵਿੰਦਰ ਸਿੰਘ, ਰਣਜੀਤ ਸਿੰਘ ਅਤੇ ਹੋਰ ਪਤਵੰਤੇ ਹਾਜ਼ਰ ਸਨ।
ਕਰਦਿਆਂ ਕਿਹਾ ਕਿ ਉਹ ਨੇ ਆਪਣੇ ਮਾਤਾ ਪਿਤਾ ਦੀ ਸਦੀਵੀ ਯਾਦ ਵਿੱਚ ਇੱਕ ਟਰਸਟ ਬਣਾਇਆ ਹੈ ਜਿਸ ਰਾਹੀਂ ਉਹ ਲੋੜਵੰਦਾਂ ਦੀ ਮਦਦ ਕਰਦੇ ਹਨ।
ਲੋੜਵੰਦਾਂ ਨੂੰ ਸਹਾਇਤਾ ਦਿੱਤੀ ਜਾਂਦੀ ਹੈ ਅਤੇ ਖਿਡਾਰੀਆਂ ਨੂੰ ਉਤਸ਼ਾਹਿਤ ਕੀਤਾ ਜਾਂਦਾ ਹੈ ਤਾਂ ਜੋ ਉਹ ਅੱਗੇ ਵਧ ਸਕਣ।
'ਪੈਗਾਮ-ਏ-ਜਗਤ' 'ਚ ਪ੍ਰਕਾਸ਼ਿਤ ਸਮੱਗਰੀ ਅਤੇ ਹੋਰ ਵਾਦ-ਵਿਵਾਦ ਵਿਸ਼ਿਆਂ ਸਬੰਧੀ ਕੇਸਾਂ ਦਾ ਨਿਪਟਾਰਾ ਸਿਰਫ਼ ਮੁਹਾਲੀ (ਚੰਡੀਗੜ੍ਹ) ਕੋਰਟ ਵਿੱਚ ਹੀ ਹੋਵੇਗਾ। ਲੇਖਕਾਂ ਦੀ ਰਾਏ ਨਾਲ ਸੰਪਾਦਕ ਦਾ ਸਹਿਮਤ ਹੋਣਾ ਜ਼ਰੂਰੀ ਨਹੀਂ। -ਸੰਪਾਦਕ, ਪੈਗਾਮ-ਏ-ਜਗਤ
